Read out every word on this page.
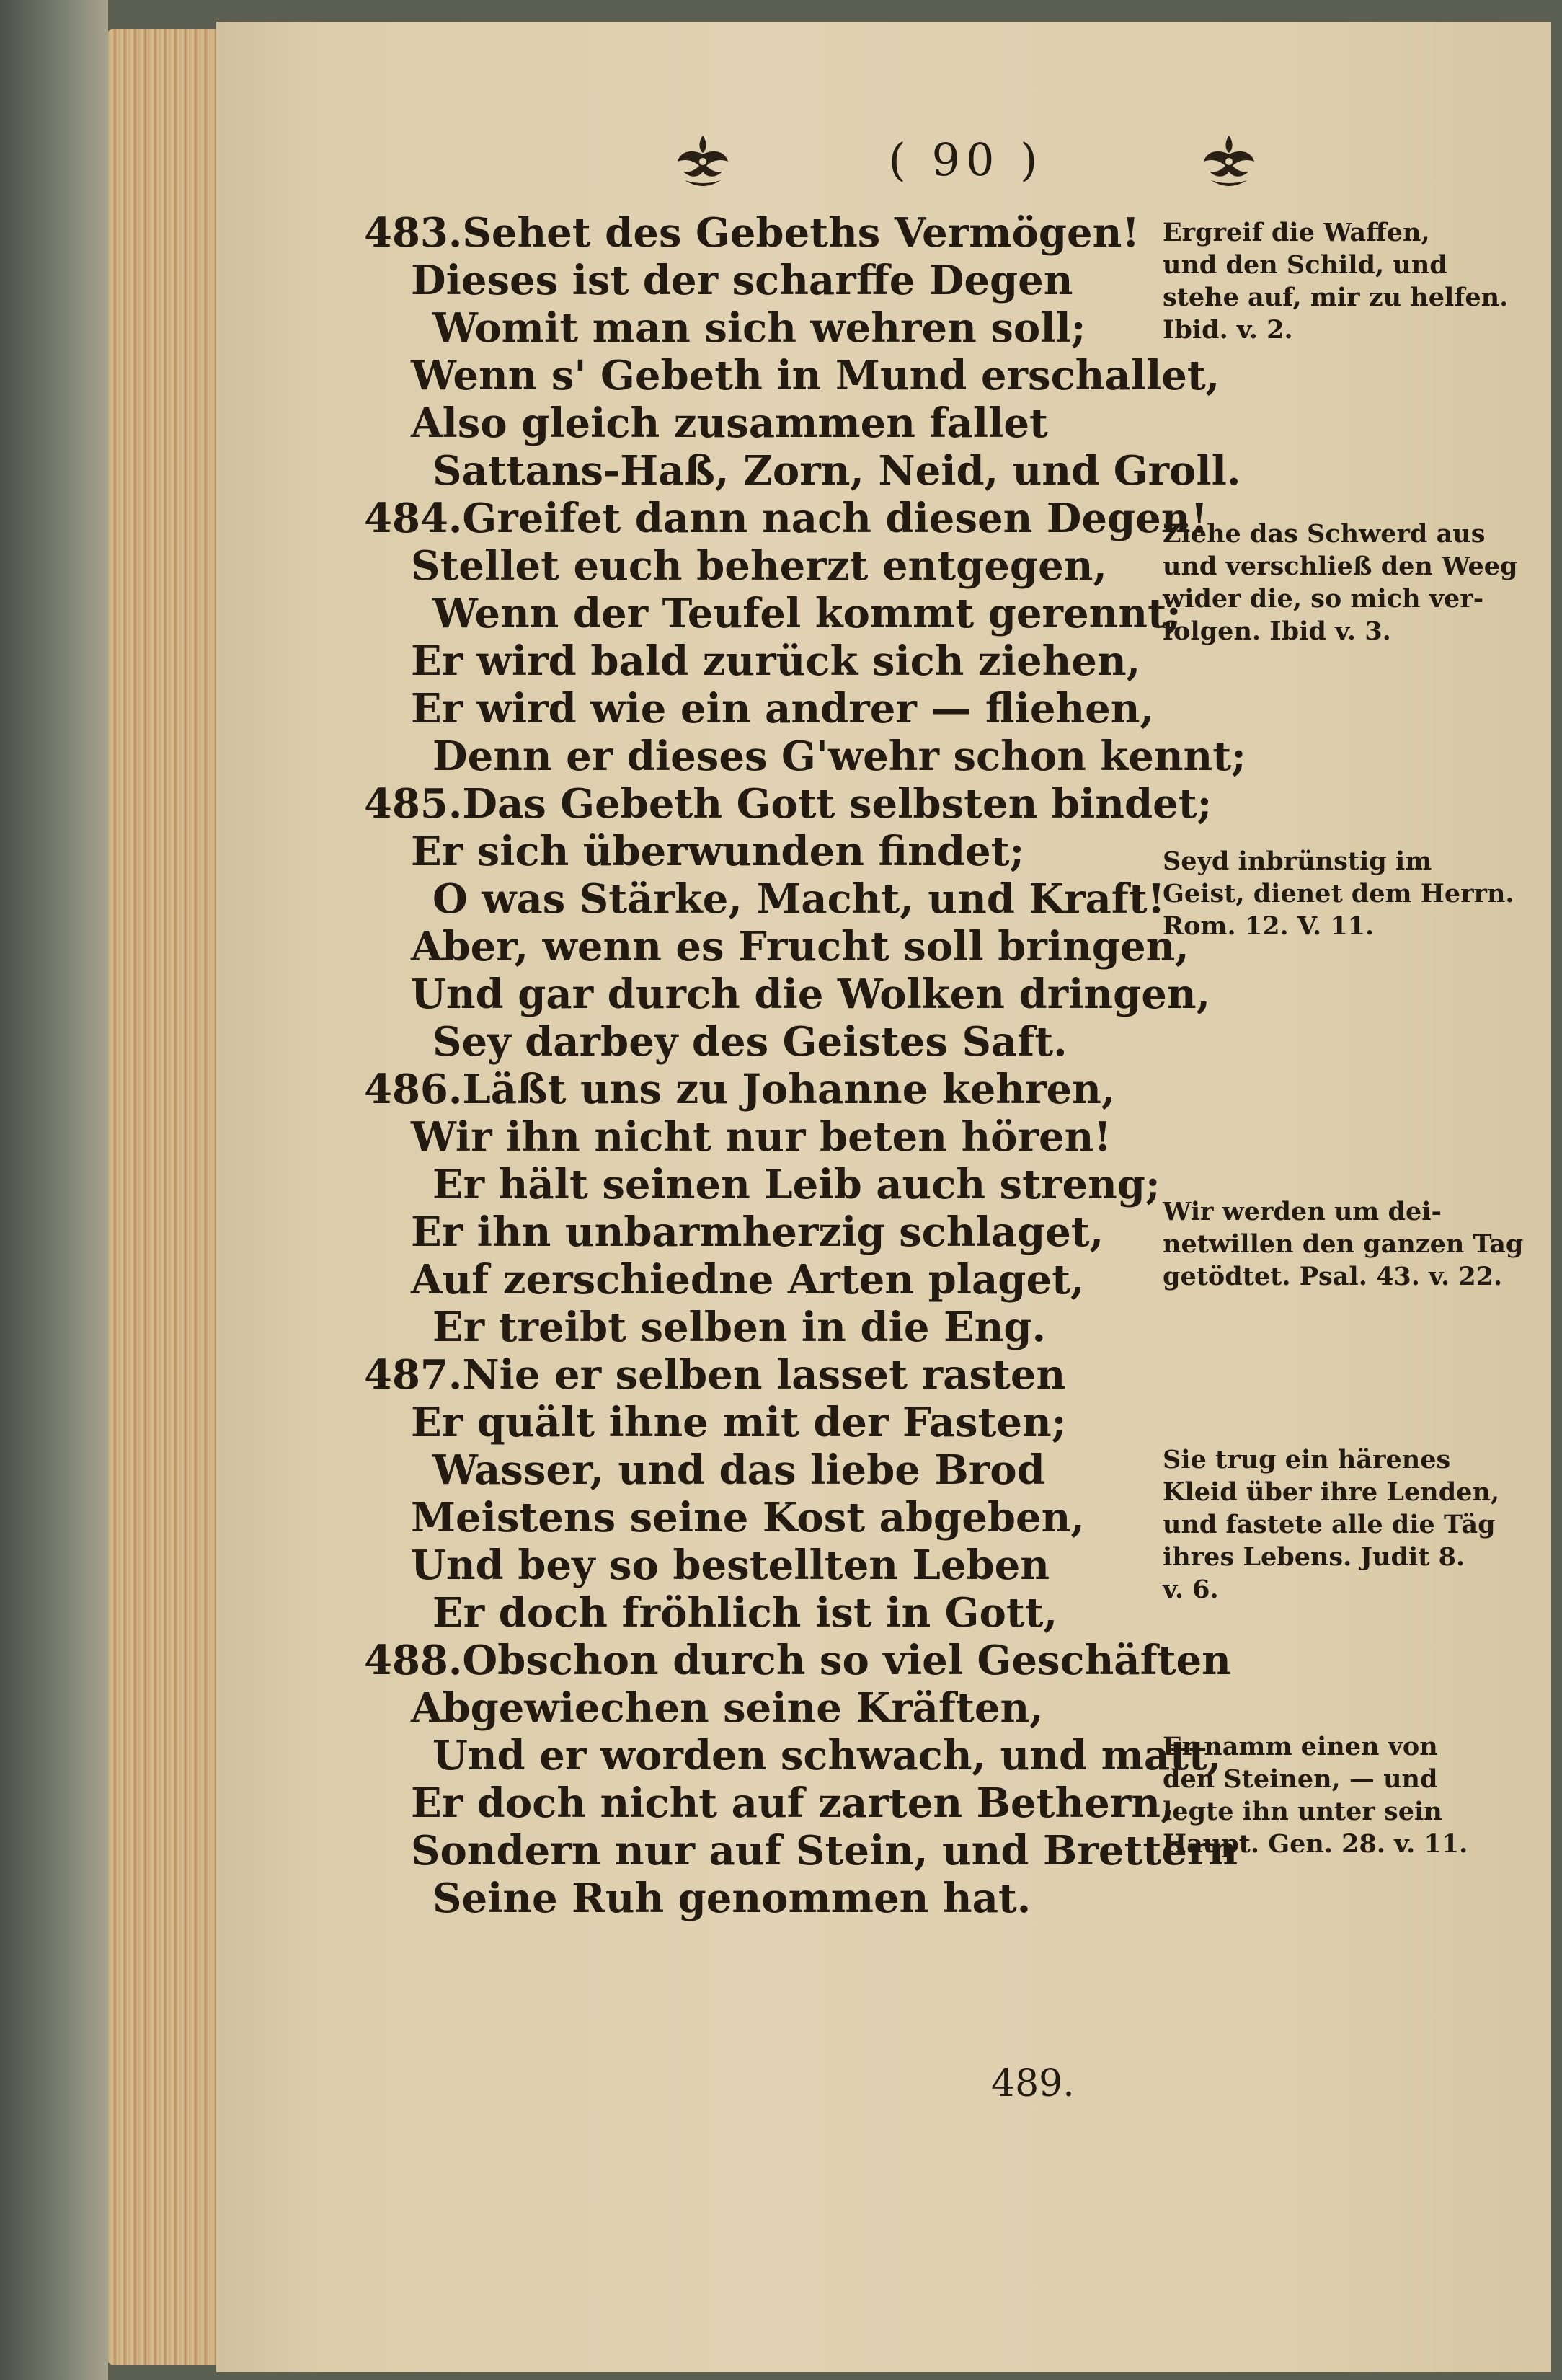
( 90 )
483.Sehet des Gebeths Vermögen!
Dieses ist der scharffe Degen
Womit man sich wehren soll;
Wenn s' Gebeth in Mund erschallet,
Also gleich zusammen fallet
Sattans-Haß, Zorn, Neid, und Groll.
484.Greifet dann nach diesen Degen!
Stellet euch beherzt entgegen,
Wenn der Teufel kommt gerennt;
Er wird bald zurück sich ziehen,
Er wird wie ein andrer — fliehen,
Denn er dieses G'wehr schon kennt;
485.Das Gebeth Gott selbsten bindet;
Er sich überwunden findet;
O was Stärke, Macht, und Kraft!
Aber, wenn es Frucht soll bringen,
Und gar durch die Wolken dringen,
Sey darbey des Geistes Saft.
486.Läßt uns zu Johanne kehren,
Wir ihn nicht nur beten hören!
Er hält seinen Leib auch streng;
Er ihn unbarmherzig schlaget,
Auf zerschiedne Arten plaget,
Er treibt selben in die Eng.
487.Nie er selben lasset rasten
Er quält ihne mit der Fasten;
Wasser, und das liebe Brod
Meistens seine Kost abgeben,
Und bey so bestellten Leben
Er doch fröhlich ist in Gott,
488.Obschon durch so viel Geschäften
Abgewiechen seine Kräften,
Und er worden schwach, und matt,
Er doch nicht auf zarten Bethern,
Sondern nur auf Stein, und Brettern
Seine Ruh genommen hat.
Ergreif die Waffen,
und den Schild, und
stehe auf, mir zu helfen.
Ibid. v. 2.
Ziehe das Schwerd aus
und verschließ den Weeg
wider die, so mich ver-
folgen. Ibid v. 3.
Seyd inbrünstig im
Geist, dienet dem Herrn.
Rom. 12. V. 11.
Wir werden um dei-
netwillen den ganzen Tag
getödtet. Psal. 43. v. 22.
Sie trug ein härenes
Kleid über ihre Lenden,
und fastete alle die Täg
ihres Lebens. Judit 8.
v. 6.
Er namm einen von
den Steinen, — und
legte ihn unter sein
Haupt. Gen. 28. v. 11.
489.
